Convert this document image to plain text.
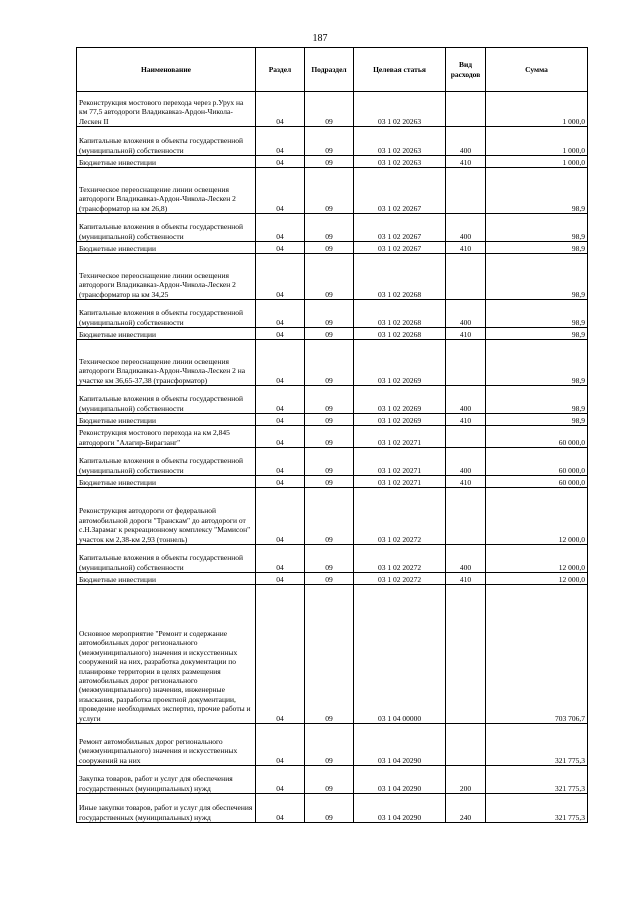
187
Наименование	Раздел	Подраздел	Целевая статья	Вид расходов	Сумма
Реконструкция мостового перехода через р.Урух на км 77,5 автодороги Владикавказ-Ардон-Чикола-Лескен II	04	09	03 1 02 20263		1 000,0
Капитальные вложения в объекты государственной (муниципальной) собственности	04	09	03 1 02 20263	400	1 000,0
Бюджетные инвестиции	04	09	03 1 02 20263	410	1 000,0
Техническое переоснащение линии освещения автодороги Владикавказ-Ардон-Чикола-Лескен 2 (трансформатор на км 26,8)	04	09	03 1 02 20267		98,9
Капитальные вложения в объекты государственной (муниципальной) собственности	04	09	03 1 02 20267	400	98,9
Бюджетные инвестиции	04	09	03 1 02 20267	410	98,9
Техническое переоснащение линии освещения автодороги Владикавказ-Ардон-Чикола-Лескен 2 (трансформатор на км 34,25	04	09	03 1 02 20268		98,9
Капитальные вложения в объекты государственной (муниципальной) собственности	04	09	03 1 02 20268	400	98,9
Бюджетные инвестиции	04	09	03 1 02 20268	410	98,9
Техническое переоснащение линии освещения автодороги Владикавказ-Ардон-Чикола-Лескен 2 на участке км 36,65-37,38 (трансформатор)	04	09	03 1 02 20269		98,9
Капитальные вложения в объекты государственной (муниципальной) собственности	04	09	03 1 02 20269	400	98,9
Бюджетные инвестиции	04	09	03 1 02 20269	410	98,9
Реконструкция мостового перехода на км 2,845 автодороги "Алагир-Бирагзанг"	04	09	03 1 02 20271		60 000,0
Капитальные вложения в объекты государственной (муниципальной) собственности	04	09	03 1 02 20271	400	60 000,0
Бюджетные инвестиции	04	09	03 1 02 20271	410	60 000,0
Реконструкция автодороги от федеральной автомобильной дороги "Транскам" до автодороги от с.Н.Зарамаг к рекреационному комплексу "Мамисон" участок км 2,38-км 2,93 (тоннель)	04	09	03 1 02 20272		12 000,0
Капитальные вложения в объекты государственной (муниципальной) собственности	04	09	03 1 02 20272	400	12 000,0
Бюджетные инвестиции	04	09	03 1 02 20272	410	12 000,0
Основное мероприятие "Ремонт и содержание автомобильных дорог регионального (межмуниципального) значения и искусственных сооружений на них, разработка документации по планировке территории в целях размещения автомобильных дорог регионального (межмуниципального) значения, инженерные изыскания, разработка проектной документации, проведение необходимых экспертиз, прочие работы и услуги	04	09	03 1 04 00000		703 706,7
Ремонт автомобильных дорог регионального (межмуниципального) значения и искусственных сооружений на них	04	09	03 1 04 20290		321 775,3
Закупка товаров, работ и услуг для обеспечения государственных (муниципальных) нужд	04	09	03 1 04 20290	200	321 775,3
Иные закупки товаров, работ и услуг для обеспечения государственных (муниципальных) нужд	04	09	03 1 04 20290	240	321 775,3
